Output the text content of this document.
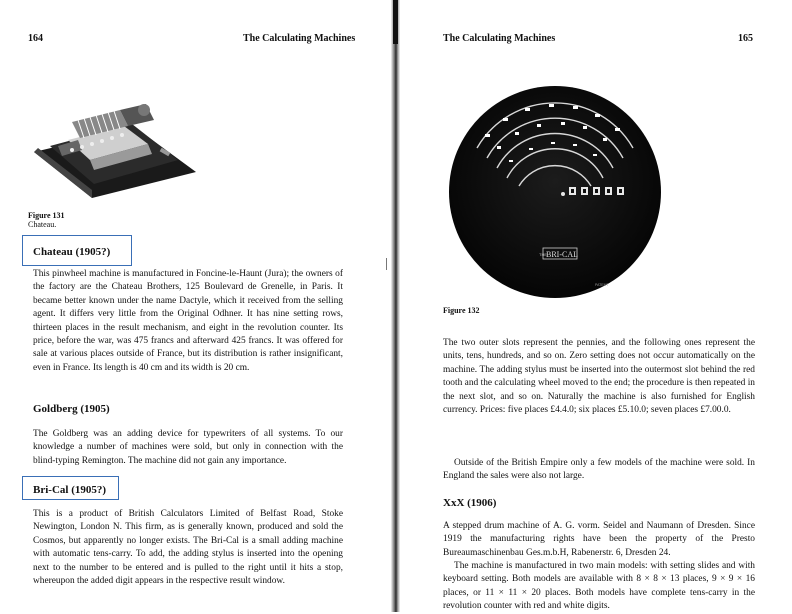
164	The Calculating Machines
Figure 131
Chateau.
Chateau (1905?)

This pinwheel machine is manufactured in Foncine-le-Haunt (Jura); the owners of the factory are the Chateau Brothers, 125 Boulevard de Grenelle, in Paris. It became better known under the name Dactyle, which it received from the selling agent. It differs very little from the Original Odhner. It has nine setting rows, thirteen places in the result mechanism, and eight in the revolution counter. Its price, before the war, was 475 francs and afterward 425 francs. It was offered for sale at various places outside of France, but its distribution is rather insignificant, even in France. Its length is 40 cm and its width is 20 cm.

Goldberg (1905)

The Goldberg was an adding device for typewriters of all systems. To our knowledge a number of machines were sold, but only in connection with the blind-typing Remington. The machine did not gain any importance.

Bri-Cal (1905?)

This is a product of British Calculators Limited of Belfast Road, Stoke Newington, London N. This firm, as is generally known, produced and sold the Cosmos, but apparently no longer exists. The Bri-Cal is a small adding machine with automatic tens-carry. To add, the adding stylus is inserted into the opening next to the number to be entered and is pulled to the right until it hits a stop, whereupon the added digit appears in the respective result window.

The Calculating Machines	165
THE BRI-CAL
PATENT
Figure 132

The two outer slots represent the pennies, and the following ones represent the units, tens, hundreds, and so on. Zero setting does not occur automatically on the machine. The adding stylus must be inserted into the outermost slot behind the red tooth and the calculating wheel moved to the end; the procedure is then repeated in the next slot, and so on. Naturally the machine is also furnished for English currency. Prices: five places £4.4.0; six places £5.10.0; seven places £7.00.0.

Outside of the British Empire only a few models of the machine were sold. In England the sales were also not large.

XxX (1906)

A stepped drum machine of A. G. vorm. Seidel and Naumann of Dresden. Since 1919 the manufacturing rights have been the property of the Presto Bureaumaschinenbau Ges.m.b.H, Rabenerstr. 6, Dresden 24.

The machine is manufactured in two main models: with setting slides and with keyboard setting. Both models are available with 8 × 8 × 13 places, 9 × 9 × 16 places, or 11 × 11 × 20 places. Both models have complete tens-carry in the revolution counter with red and white digits.
